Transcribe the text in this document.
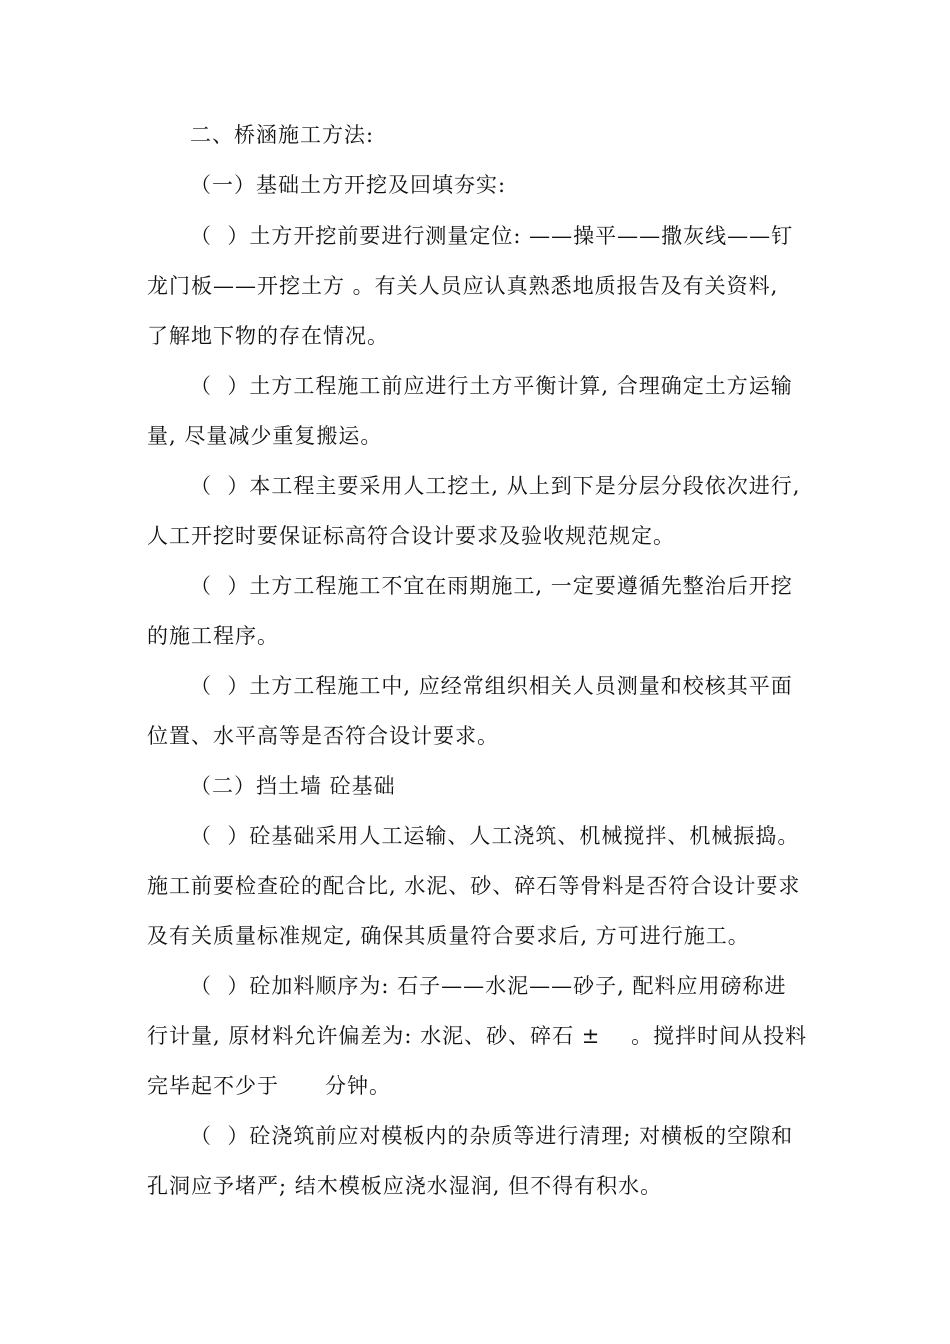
二、桥涵施工方法:

（一）基础土方开挖及回填夯实:

（  ）土方开挖前要进行测量定位: ——操平——撒灰线——钉

龙门板——开挖土方 。有关人员应认真熟悉地质报告及有关资料,

了解地下物的存在情况。

（  ）土方工程施工前应进行土方平衡计算, 合理确定土方运输

量, 尽量减少重复搬运。

（  ）本工程主要采用人工挖土, 从上到下是分层分段依次进行,

人工开挖时要保证标高符合设计要求及验收规范规定。

（  ）土方工程施工不宜在雨期施工, 一定要遵循先整治后开挖

的施工程序。

（  ）土方工程施工中, 应经常组织相关人员测量和校核其平面

位置、水平高等是否符合设计要求。

（二）挡土墙 砼基础

（  ）砼基础采用人工运输、人工浇筑、机械搅拌、机械振捣。

施工前要检查砼的配合比, 水泥、砂、碎石等骨料是否符合设计要求

及有关质量标准规定, 确保其质量符合要求后, 方可进行施工。

（  ）砼加料顺序为: 石子——水泥——砂子, 配料应用磅称进

行计量, 原材料允许偏差为: 水泥、砂、碎石 ±    。搅拌时间从投料

完毕起不少于      分钟。

（  ）砼浇筑前应对模板内的杂质等进行清理; 对横板的空隙和

孔洞应予堵严; 结木模板应浇水湿润, 但不得有积水。
